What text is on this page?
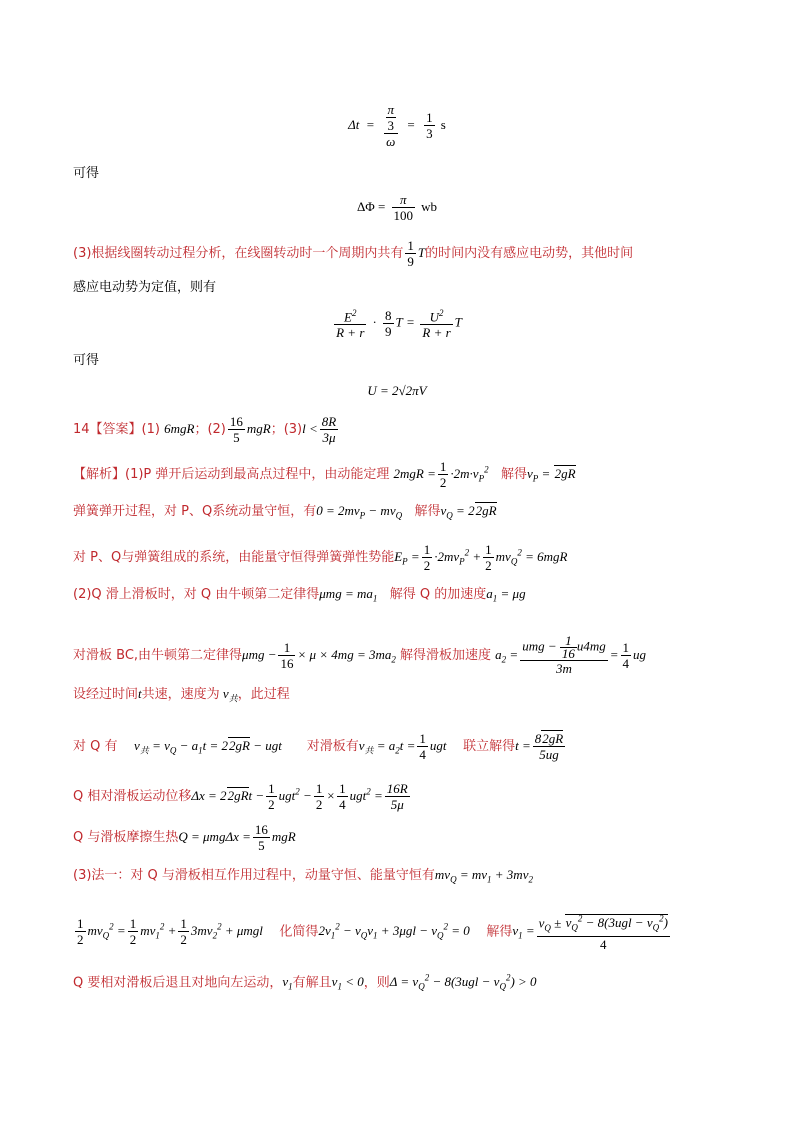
$\Delta t = \frac{\frac{\pi}{3}}{\omega} = \frac{1}{3}$ s
可得
$\Delta\Phi = \frac{\pi}{100}$ wb
(3)根据线圈转动过程分析，在线圈转动时一个周期内共有 $\frac{1}{9}$ T的时间内没有感应电动势，其他时间
感应电动势为定值，则有
$\frac{E^2}{R + r} \cdot \frac{8}{9}$ $T = \frac{U^2}{R + r}$ T
可得
U = 2√2πV
14【答案】(1) 6mgR；$(2) \frac{16}{5}$ mgR；$(3)l < \frac{8R}{3\mu}$
【解析】(1)P 弹开后运动到最高点过程中，由动能定理 $2mgR = \frac{1}{2} \cdot 2m\cdot v_P^2$ 解得$v_P = 2gR$
弹簧弹开过程，对 P、Q系统动量守恒，有$0 = 2mv_P - mv_Q$ 解得$v_Q = 22gR$
对 P、Q与弹簧组成的系统，由能量守恒得弹簧弹性势能$E_P = \frac{1}{2} \cdot 2mv_P^2 + \frac{1}{2} mv_Q^2 = 6mgR$
(2)Q 滑上滑板时，对 Q 由牛顿第二定律得$\mu mg = ma_1$ 解得 Q 的加速度$a_1 = \mu g$
对滑板 BC,由牛顿第二定律得$\mu mg - \frac{1}{16} \times \mu \times 4mg = 3ma_2$ 解得滑板加速度 $a_2$ =
umg − $\frac{1}{16} u4mg$
3m
= $\frac{1}{4}$ ug
设经过时间t共速，速度为 $v_共$，此过程
对 Q 有 $v_共 = v_Q - a_1t = 22gR$ − ugt 对滑板有$v_共 = a_2t = \frac{1}{4}$ ugt 联立解得$t = \frac{82gR}{5ug}$
Q 相对滑板运动位移$\Delta x = 22gRt - \frac{1}{2} ugt^2 - \frac{1}{2} \times \frac{1}{4} ugt^2 = \frac{16R}{5\mu}$
Q 与滑板摩擦生热$Q = \mu mg\Delta x = \frac{16}{5}$ mgR
(3)法一：对 Q 与滑板相互作用过程中，动量守恒、能量守恒有$mv_Q = mv_1 + 3mv_2$
$\frac{1}{2} mv_Q^2 = \frac{1}{2} mv_1^2 + \frac{1}{2} 3mv_2^2 + \mu mgl$ 化简得$2v_1^2 - v_Qv_1 + 3\mu gl - v_Q^2 = 0$ 解得$v_1$ =
$v_Q \pm v_Q^2 - 8(3ugl - v_Q^2)$
4
Q 要相对滑板后退且对地向左运动，$v_1$有解且$v_1 < 0$，则$\Delta = v_Q^2 - 8(3ugl - v_Q^2) > 0$
